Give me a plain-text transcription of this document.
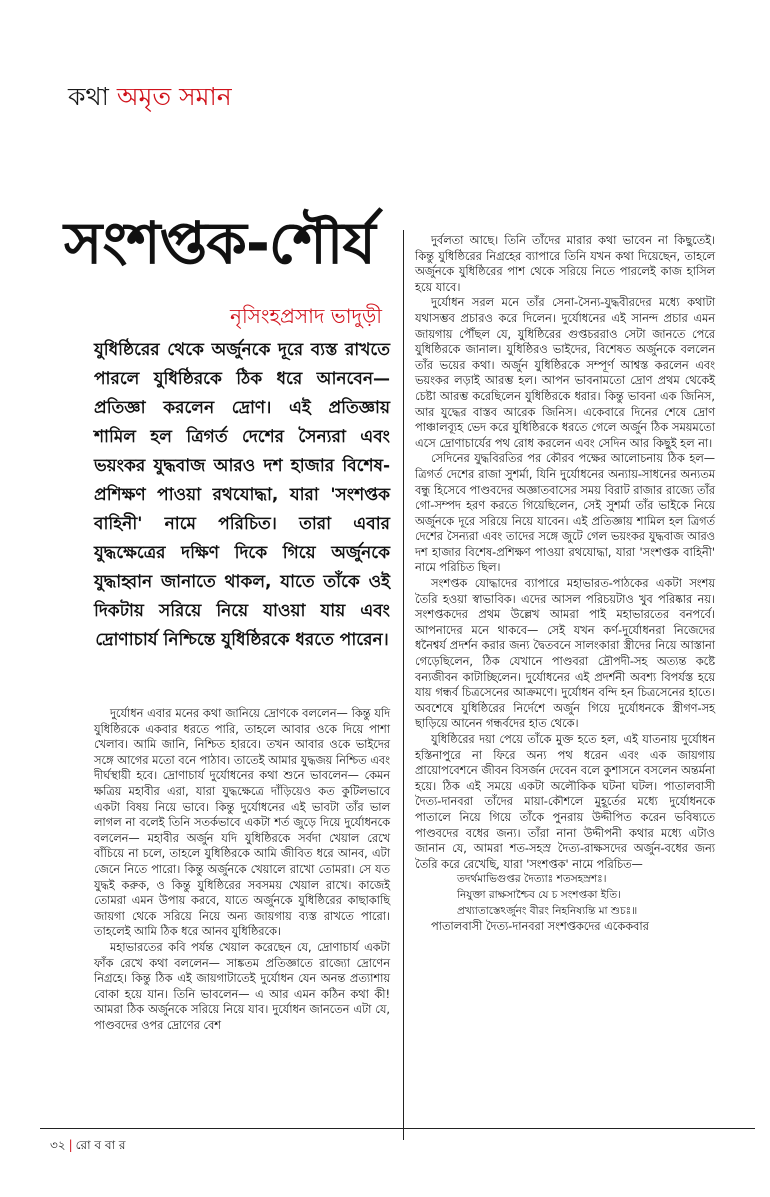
কথা অমৃত সমান
সংশপ্তক-শৌর্য
নৃসিংহপ্রসাদ ভাদুড়ী

যুধিষ্ঠিরের থেকে অর্জুনকে দূরে ব্যস্ত রাখতে পারলে যুধিষ্ঠিরকে ঠিক ধরে আনবেন— প্রতিজ্ঞা করলেন দ্রোণ। এই প্রতিজ্ঞায় শামিল হল ত্রিগর্ত দেশের সৈন্যরা এবং ভয়ংকর যুদ্ধবাজ আরও দশ হাজার বিশেষ-প্রশিক্ষণ পাওয়া রথযোদ্ধা, যারা 'সংশপ্তক বাহিনী' নামে পরিচিত। তারা এবার যুদ্ধক্ষেত্রের দক্ষিণ দিকে গিয়ে অর্জুনকে যুদ্ধাহ্বান জানাতে থাকল, যাতে তাঁকে ওই দিকটায় সরিয়ে নিয়ে যাওয়া যায় এবং দ্রোণাচার্য নিশ্চিন্তে যুধিষ্ঠিরকে ধরতে পারেন।

দুর্যোধন এবার মনের কথা জানিয়ে দ্রোণকে বললেন— কিন্তু যদি যুধিষ্ঠিরকে একবার ধরতে পারি, তাহলে আবার ওকে দিয়ে পাশা খেলাব। আমি জানি, নিশ্চিত হারবে। তখন আবার ওকে ভাইদের সঙ্গে আগের মতো বনে পাঠাব। তাতেই আমার যুদ্ধজয় নিশ্চিত এবং দীর্ঘস্থায়ী হবে। দ্রোণাচার্য দুর্যোধনের কথা শুনে ভাবলেন— কেমন ক্ষত্রিয় মহাবীর এরা, যারা যুদ্ধক্ষেত্রে দাঁড়িয়েও কত কুটিলভাবে একটা বিষয় নিয়ে ভাবে। কিন্তু দুর্যোধনের এই ভাবটা তাঁর ভাল লাগল না বলেই তিনি সতর্কভাবে একটা শর্ত জুড়ে দিয়ে দুর্যোধনকে বললেন— মহাবীর অর্জুন যদি যুধিষ্ঠিরকে সর্বদা খেয়াল রেখে বাঁচিয়ে না চলে, তাহলে যুধিষ্ঠিরকে আমি জীবিত ধরে আনব, এটা জেনে নিতে পারো। কিন্তু অর্জুনকে খেয়ালে রাখো তোমরা। সে যত যুদ্ধই করুক, ও কিন্তু যুধিষ্ঠিরের সবসময় খেয়াল রাখে। কাজেই তোমরা এমন উপায় করবে, যাতে অর্জুনকে যুধিষ্ঠিরের কাছাকাছি জায়গা থেকে সরিয়ে নিয়ে অন্য জায়গায় ব্যস্ত রাখতে পারো। তাহলেই আমি ঠিক ধরে আনব যুধিষ্ঠিরকে।

মহাভারতের কবি পর্যন্ত খেয়াল করেছেন যে, দ্রোণাচার্য একটা ফাঁক রেখে কথা বললেন— সাঙ্কতম প্রতিজ্ঞাতে রাজ্যো দ্রোণেন নিগ্রহে। কিন্তু ঠিক এই জায়গাটাতেই দুর্যোধন যেন অনন্ত প্রত্যাশায় বোকা হয়ে যান। তিনি ভাবলেন— এ আর এমন কঠিন কথা কী! আমরা ঠিক অর্জুনকে সরিয়ে নিয়ে যাব। দুর্যোধন জানতেন এটা যে, পাণ্ডবদের ওপর দ্রোণের বেশ

দুর্বলতা আছে। তিনি তাঁদের মারার কথা ভাবেন না কিছুতেই। কিন্তু যুধিষ্ঠিরের নিগ্রহের ব্যাপারে তিনি যখন কথা দিয়েছেন, তাহলে অর্জুনকে যুধিষ্ঠিরের পাশ থেকে সরিয়ে নিতে পারলেই কাজ হাসিল হয়ে যাবে।

দুর্যোধন সরল মনে তাঁর সেনা-সৈন্য-যুদ্ধবীরদের মধ্যে কথাটা যথাসম্ভব প্রচারও করে দিলেন। দুর্যোধনের এই সানন্দ প্রচার এমন জায়গায় পৌঁছল যে, যুধিষ্ঠিরের গুপ্তচররাও সেটা জানতে পেরে যুধিষ্ঠিরকে জানাল। যুধিষ্ঠিরও ভাইদের, বিশেষত অর্জুনকে বললেন তাঁর ভয়ের কথা। অর্জুন যুধিষ্ঠিরকে সম্পূর্ণ আশ্বস্ত করলেন এবং ভয়ংকর লড়াই আরম্ভ হল। আপন ভাবনামতো দ্রোণ প্রথম থেকেই চেষ্টা আরম্ভ করেছিলেন যুধিষ্ঠিরকে ধরার। কিন্তু ভাবনা এক জিনিস, আর যুদ্ধের বাস্তব আরেক জিনিস। একেবারে দিনের শেষে দ্রোণ পাঞ্চালব্যূহ ভেদ করে যুধিষ্ঠিরকে ধরতে গেলে অর্জুন ঠিক সময়মতো এসে দ্রোণাচার্যের পথ রোধ করলেন এবং সেদিন আর কিছুই হল না।

সেদিনের যুদ্ধবিরতির পর কৌরব পক্ষের আলোচনায় ঠিক হল— ত্রিগর্ত দেশের রাজা সুশর্মা, যিনি দুর্যোধনের অন্যায়-সাধনের অন্যতম বন্ধু হিসেবে পাণ্ডবদের অজ্ঞাতবাসের সময় বিরাট রাজার রাজ্যে তাঁর গো-সম্পদ হরণ করতে গিয়েছিলেন, সেই সুশর্মা তাঁর ভাইকে নিয়ে অর্জুনকে দূরে সরিয়ে নিয়ে যাবেন। এই প্রতিজ্ঞায় শামিল হল ত্রিগর্ত দেশের সৈন্যরা এবং তাদের সঙ্গে জুটে গেল ভয়ংকর যুদ্ধবাজ আরও দশ হাজার বিশেষ-প্রশিক্ষণ পাওয়া রথযোদ্ধা, যারা 'সংশপ্তক বাহিনী' নামে পরিচিত ছিল।

সংশপ্তক যোদ্ধাদের ব্যাপারে মহাভারত-পাঠকের একটা সংশয় তৈরি হওয়া স্বাভাবিক। এদের আসল পরিচয়টাও খুব পরিষ্কার নয়। সংশপ্তকদের প্রথম উল্লেখ আমরা পাই মহাভারতের বনপর্বে। আপনাদের মনে থাকবে— সেই যখন কর্ণ-দুর্যোধনরা নিজেদের ধনৈশ্বর্য প্রদর্শন করার জন্য দ্বৈতবনে সালংকারা স্ত্রীদের নিয়ে আস্তানা গেড়েছিলেন, ঠিক যেখানে পাণ্ডবরা দ্রৌপদী-সহ অত্যন্ত কষ্টে বন্যজীবন কাটাচ্ছিলেন। দুর্যোধনের এই প্রদর্শনী অবশ্য বিপর্যস্ত হয়ে যায় গন্ধর্ব চিত্রসেনের আক্রমণে। দুর্যোধন বন্দি হন চিত্রসেনের হাতে। অবশেষে যুধিষ্ঠিরের নির্দেশে অর্জুন গিয়ে দুর্যোধনকে স্ত্রীগণ-সহ ছাড়িয়ে আনেন গন্ধর্বদের হাত থেকে।

যুধিষ্ঠিরের দয়া পেয়ে তাঁকে মুক্ত হতে হল, এই যাতনায় দুর্যোধন হস্তিনাপুরে না ফিরে অন্য পথ ধরেন এবং এক জায়গায় প্রায়োপবেশনে জীবন বিসর্জন দেবেন বলে কুশাসনে বসলেন অন্তর্মনা হয়ে। ঠিক এই সময়ে একটা অলৌকিক ঘটনা ঘটল। পাতালবাসী দৈত্য-দানবরা তাঁদের মায়া-কৌশলে মুহূর্তের মধ্যে দুর্যোধনকে পাতালে নিয়ে গিয়ে তাঁকে পুনরায় উদ্দীপিত করেন ভবিষ্যতে পাণ্ডবদের বধের জন্য। তাঁরা নানা উদ্দীপনী কথার মধ্যে এটাও জানান যে, আমরা শত-সহস্র দৈত্য-রাক্ষসদের অর্জুন-বধের জন্য তৈরি করে রেখেছি, যারা 'সংশপ্তক' নামে পরিচিত—

তদর্থমাভিগুপ্তর দৈত্যাঃ শতসহস্রশঃ।

নিযুক্তা রাক্ষসাশ্চৈব যে চ সংশপ্তকা ইতি।

প্রখ্যাতাস্তেঽর্জুনং বীরং নিহনিষ্যন্তি মা শুচঃ॥

পাতালবাসী দৈত্য-দানবরা সংশপ্তকদের একেকবার

৩২ | রো ব বা র
